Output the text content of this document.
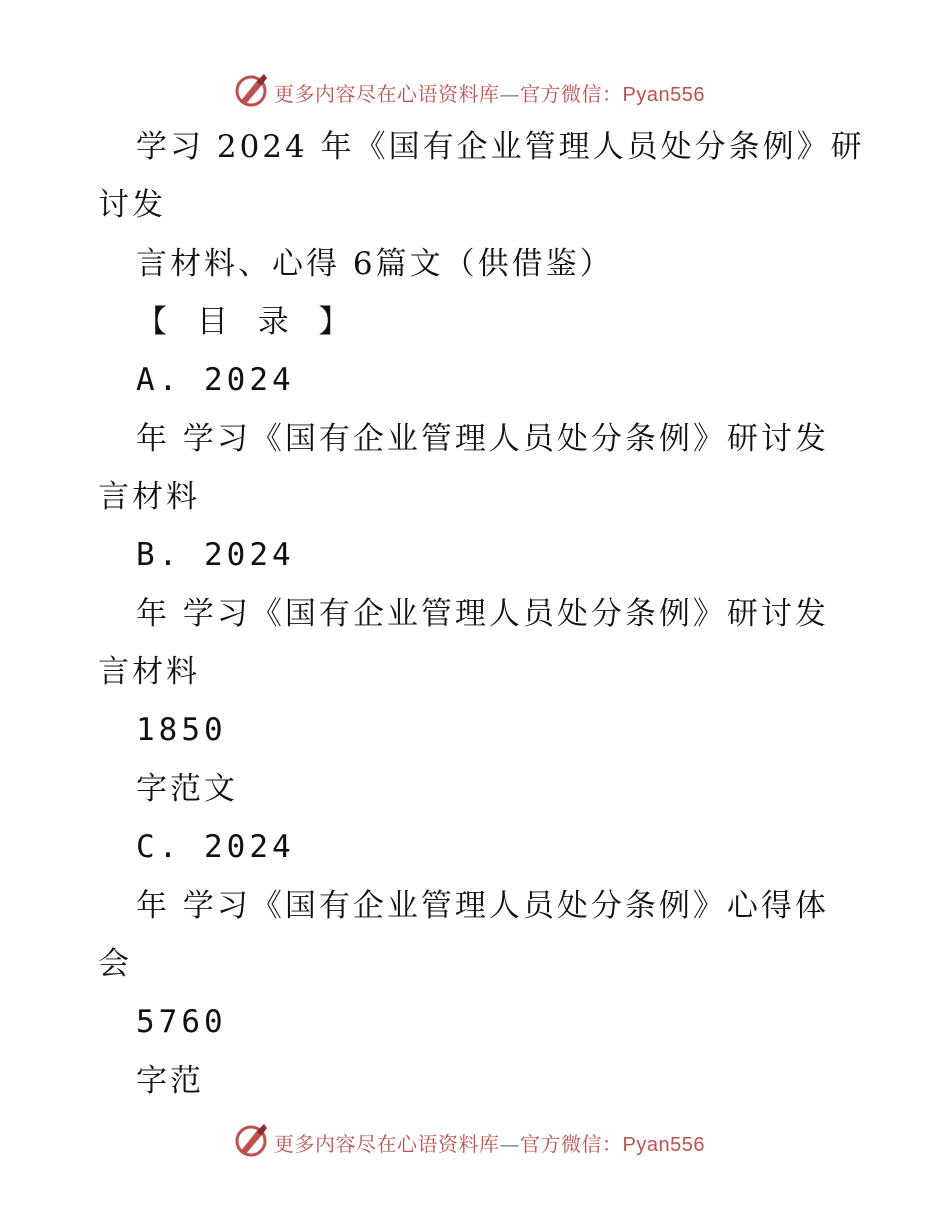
更多内容尽在心语资料库—官方微信：Pyan556
学习 2024 年《国有企业管理人员处分条例》研
讨发
言材料、心得 6篇文（供借鉴）
【 目 录 】
A. 2024
年 学习《国有企业管理人员处分条例》研讨发
言材料
B. 2024
年 学习《国有企业管理人员处分条例》研讨发
言材料
1850
字范文
C. 2024
年 学习《国有企业管理人员处分条例》心得体
会
5760
字范
更多内容尽在心语资料库—官方微信：Pyan556
